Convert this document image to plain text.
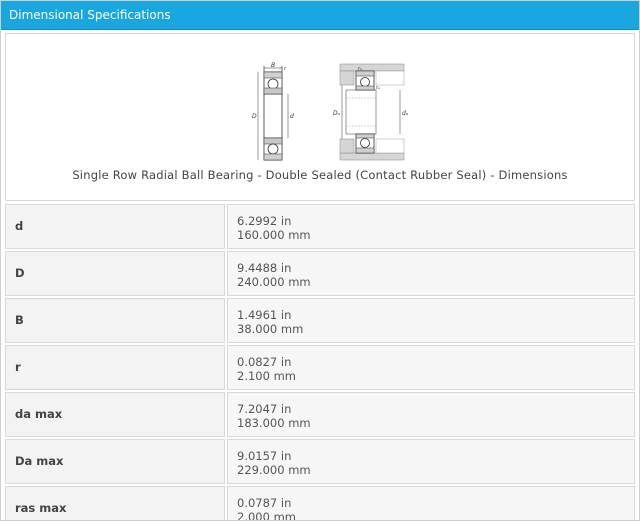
Dimensional Specifications
B r
D	d	Dₐ	dₐ
rₐ
rₐ
Single Row Radial Ball Bearing - Double Sealed (Contact Rubber Seal) - Dimensions
d	6.2992 in
160.000 mm
D	9.4488 in
240.000 mm
B	1.4961 in
38.000 mm
r	0.0827 in
2.100 mm
da max	7.2047 in
183.000 mm
Da max	9.0157 in
229.000 mm
ras max	0.0787 in
2.000 mm
